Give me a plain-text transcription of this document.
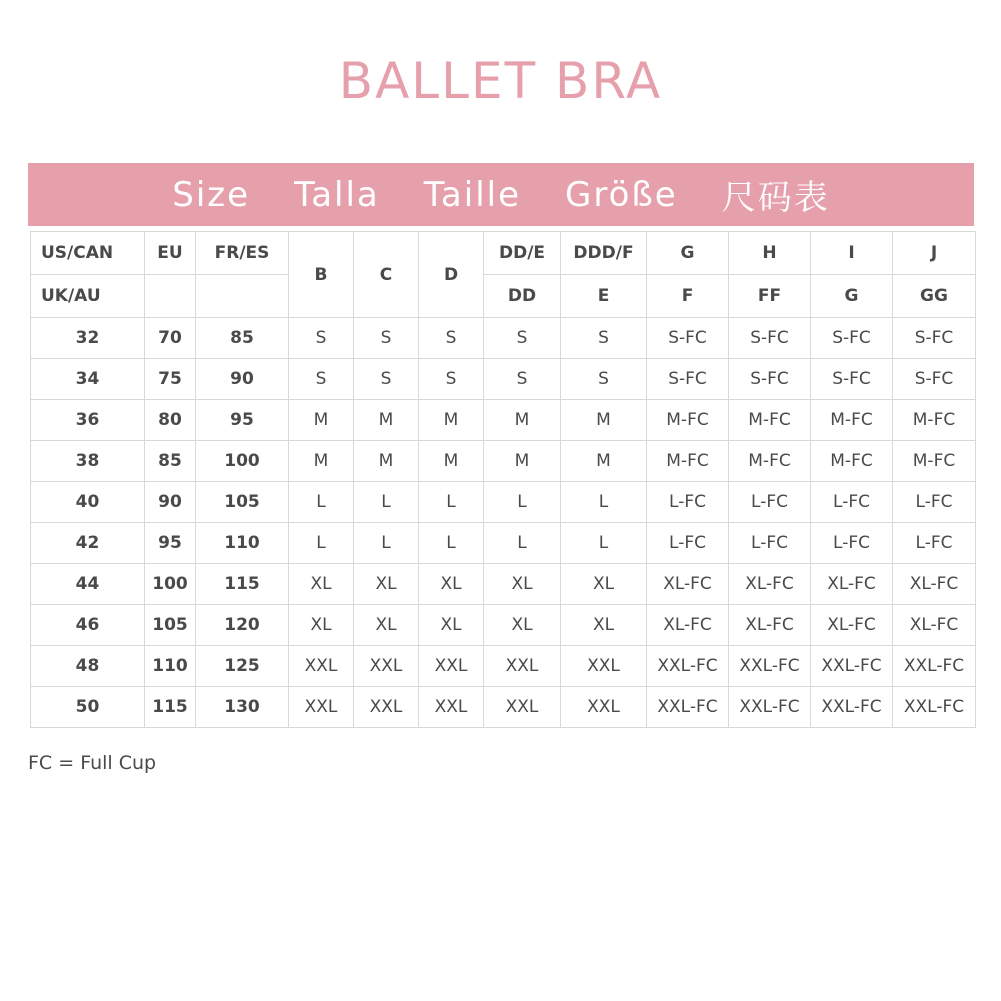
BALLET BRA
Size Talla Taille Größe 尺码表
US/CAN	EU	FR/ES	B	C	D	DD/E	DDD/F	G	H	I	J
UK/AU						DD	E	F	FF	G	GG
32	70	85	S	S	S	S	S	S-FC	S-FC	S-FC	S-FC
34	75	90	S	S	S	S	S	S-FC	S-FC	S-FC	S-FC
36	80	95	M	M	M	M	M	M-FC	M-FC	M-FC	M-FC
38	85	100	M	M	M	M	M	M-FC	M-FC	M-FC	M-FC
40	90	105	L	L	L	L	L	L-FC	L-FC	L-FC	L-FC
42	95	110	L	L	L	L	L	L-FC	L-FC	L-FC	L-FC
44	100	115	XL	XL	XL	XL	XL	XL-FC	XL-FC	XL-FC	XL-FC
46	105	120	XL	XL	XL	XL	XL	XL-FC	XL-FC	XL-FC	XL-FC
48	110	125	XXL	XXL	XXL	XXL	XXL	XXL-FC	XXL-FC	XXL-FC	XXL-FC
50	115	130	XXL	XXL	XXL	XXL	XXL	XXL-FC	XXL-FC	XXL-FC	XXL-FC
FC = Full Cup
